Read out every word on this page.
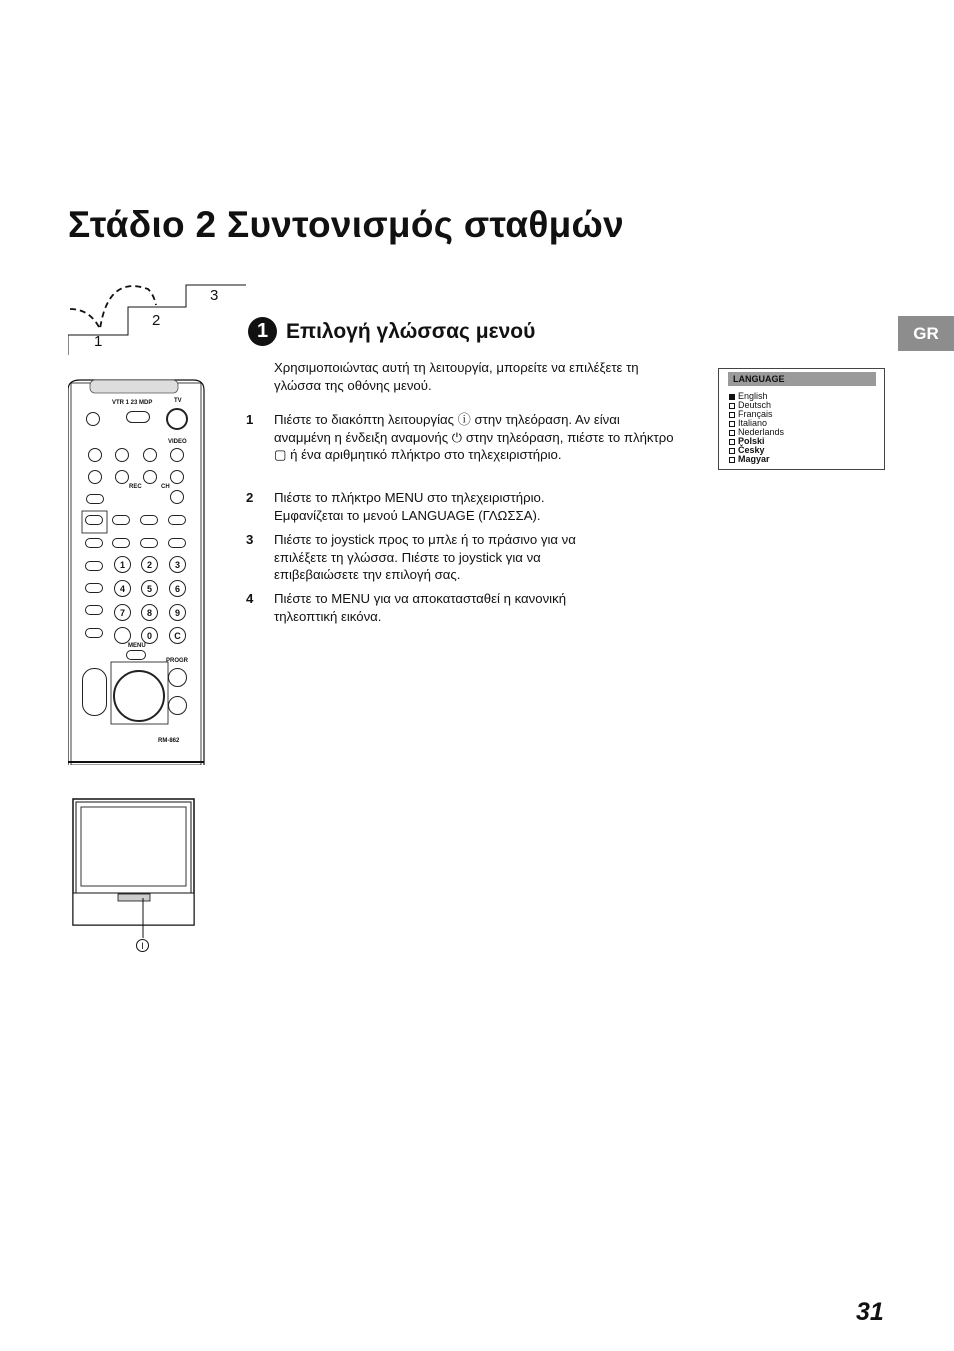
Στάδιο 2 Συντονισμός σταθμών
GR
1
2
3
1 Επιλογή γλώσσας μενού
Χρησιμοποιώντας αυτή τη λειτουργία, μπορείτε να επιλέξετε τη γλώσσα της οθόνης μενού.
1 Πιέστε το διακόπτη λειτουργίας ⓘ στην τηλεόραση. Αν είναι αναμμένη η ένδειξη αναμονής ⏻ στην τηλεόραση, πιέστε το πλήκτρο ▢ ή ένα αριθμητικό πλήκτρο στο τηλεχειριστήριο.
2 Πιέστε το πλήκτρο MENU στο τηλεχειριστήριο. Εμφανίζεται το μενού LANGUAGE (ΓΛΩΣΣΑ).
3 Πιέστε το joystick προς το μπλε ή το πράσινο για να επιλέξετε τη γλώσσα. Πιέστε το joystick για να επιβεβαιώσετε την επιλογή σας.
4 Πιέστε το MENU για να αποκατασταθεί η κανονική τηλεοπτική εικόνα.
LANGUAGE
English
Deutsch
Français
Italiano
Nederlands
Polski
Česky
Magyar
VTR 1 23 MDP	TV
VIDEO
REC	CH
1	2	3
4	5	6
7	8	9
0	C
MENU
PROGR
RM-862
I
31
